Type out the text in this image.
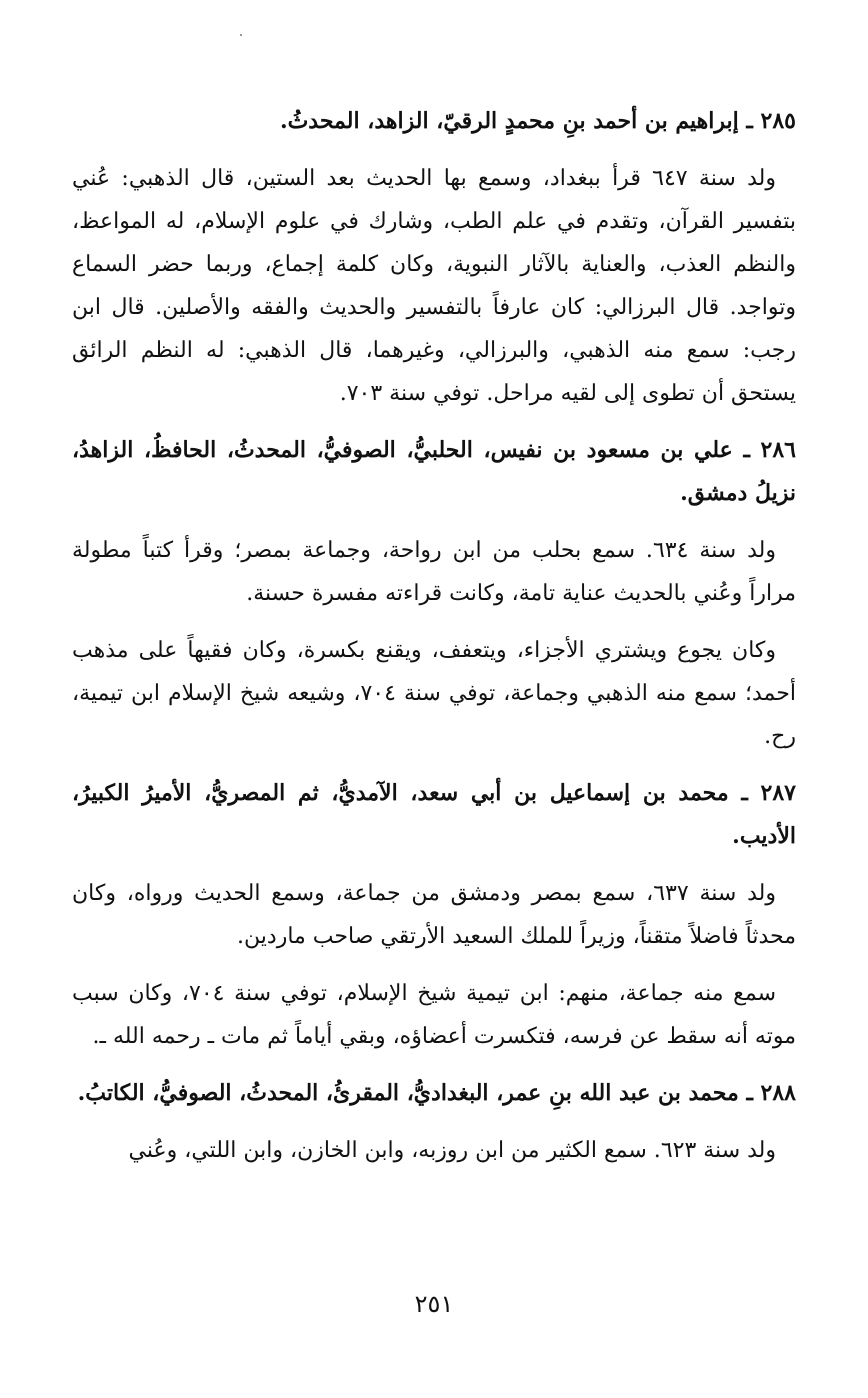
٢٨٥ ـ إبراهيم بن أحمد بنِ محمدٍ الرقيّ، الزاهد، المحدثُ.

ولد سنة ٦٤٧ قرأ ببغداد، وسمع بها الحديث بعد الستين، قال الذهبي: عُني بتفسير القرآن، وتقدم في علم الطب، وشارك في علوم الإسلام، له المواعظ، والنظم العذب، والعناية بالآثار النبوية، وكان كلمة إجماع، وربما حضر السماع وتواجد. قال البرزالي: كان عارفاً بالتفسير والحديث والفقه والأصلين. قال ابن رجب: سمع منه الذهبي، والبرزالي، وغيرهما، قال الذهبي: له النظم الرائق يستحق أن تطوى إلى لقيه مراحل. توفي سنة ٧٠٣.

٢٨٦ ـ علي بن مسعود بن نفيس، الحلبيُّ، الصوفيُّ، المحدثُ، الحافظُ، الزاهدُ، نزيلُ دمشق.

ولد سنة ٦٣٤. سمع بحلب من ابن رواحة، وجماعة بمصر؛ وقرأ كتباً مطولة مراراً وعُني بالحديث عناية تامة، وكانت قراءته مفسرة حسنة.

وكان يجوع ويشتري الأجزاء، ويتعفف، ويقنع بكسرة، وكان فقيهاً على مذهب أحمد؛ سمع منه الذهبي وجماعة، توفي سنة ٧٠٤، وشيعه شيخ الإسلام ابن تيمية، رح.

٢٨٧ ـ محمد بن إسماعيل بن أبي سعد، الآمديُّ، ثم المصريُّ، الأميرُ الكبيرُ، الأديب.

ولد سنة ٦٣٧، سمع بمصر ودمشق من جماعة، وسمع الحديث ورواه، وكان محدثاً فاضلاً متقناً، وزيراً للملك السعيد الأرتقي صاحب ماردين.

سمع منه جماعة، منهم: ابن تيمية شيخ الإسلام، توفي سنة ٧٠٤، وكان سبب موته أنه سقط عن فرسه، فتكسرت أعضاؤه، وبقي أياماً ثم مات ـ رحمه الله ـ.

٢٨٨ ـ محمد بن عبد الله بنِ عمر، البغداديُّ، المقرئُ، المحدثُ، الصوفيُّ، الكاتبُ.

ولد سنة ٦٢٣. سمع الكثير من ابن روزبه، وابن الخازن، وابن اللتي، وعُني

٢٥١
